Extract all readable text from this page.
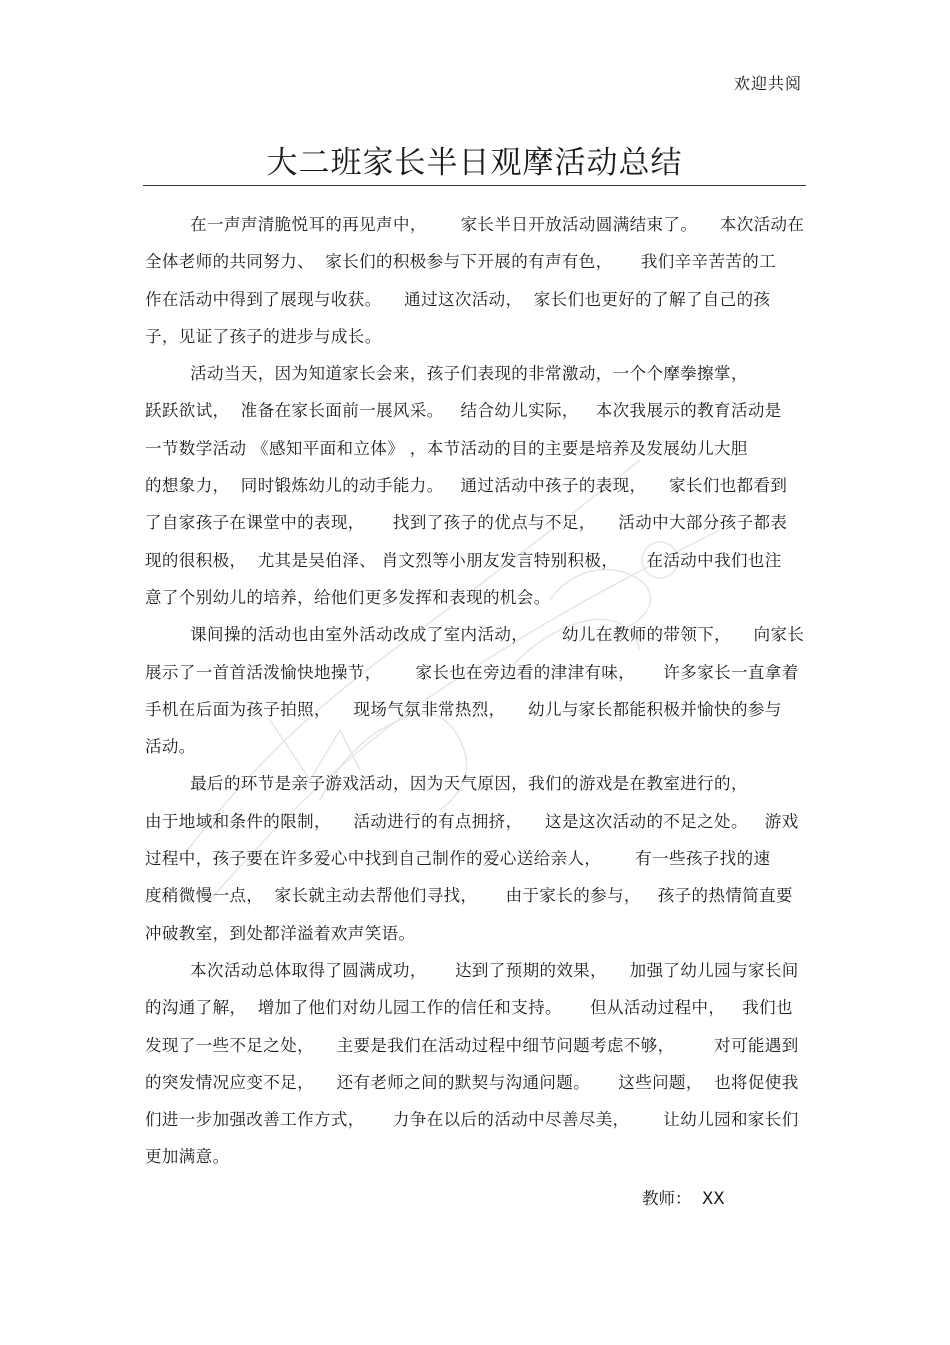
欢迎共阅
大二班家长半日观摩活动总结
在一声声清脆悦耳的再见声中，      家长半日开放活动圆满结束了。    本次活动在
全体老师的共同努力、  家长们的积极参与下开展的有声有色，     我们辛辛苦苦的工
作在活动中得到了展现与收获。    通过这次活动，  家长们也更好的了解了自己的孩
子，见证了孩子的进步与成长。
活动当天，因为知道家长会来，孩子们表现的非常激动，一个个摩拳擦掌，
跃跃欲试，  准备在家长面前一展风采。   结合幼儿实际，   本次我展示的教育活动是
一节数学活动 《感知平面和立体》 ，本节活动的目的主要是培养及发展幼儿大胆
的想象力，  同时锻炼幼儿的动手能力。   通过活动中孩子的表现，    家长们也都看到
了自家孩子在课堂中的表现，     找到了孩子的优点与不足，    活动中大部分孩子都表
现的很积极，  尤其是吴伯泽、 肖文烈等小朋友发言特别积极，     在活动中我们也注
意了个别幼儿的培养，给他们更多发挥和表现的机会。
课间操的活动也由室外活动改成了室内活动，      幼儿在教师的带领下，    向家长
展示了一首首活泼愉快地操节，      家长也在旁边看的津津有味，     许多家长一直拿着
手机在后面为孩子拍照，    现场气氛非常热烈，    幼儿与家长都能积极并愉快的参与
活动。
最后的环节是亲子游戏活动，因为天气原因，我们的游戏是在教室进行的，
由于地域和条件的限制，    活动进行的有点拥挤，    这是这次活动的不足之处。   游戏
过程中，孩子要在许多爱心中找到自己制作的爱心送给亲人，      有一些孩子找的速
度稍微慢一点，  家长就主动去帮他们寻找，     由于家长的参与，   孩子的热情简直要
冲破教室，到处都洋溢着欢声笑语。
本次活动总体取得了圆满成功，     达到了预期的效果，    加强了幼儿园与家长间
的沟通了解，  增加了他们对幼儿园工作的信任和支持。     但从活动过程中，   我们也
发现了一些不足之处，    主要是我们在活动过程中细节问题考虑不够，       对可能遇到
的突发情况应变不足，    还有老师之间的默契与沟通问题。     这些问题，  也将促使我
们进一步加强改善工作方式，     力争在以后的活动中尽善尽美，      让幼儿园和家长们
更加满意。
教师：  XX
